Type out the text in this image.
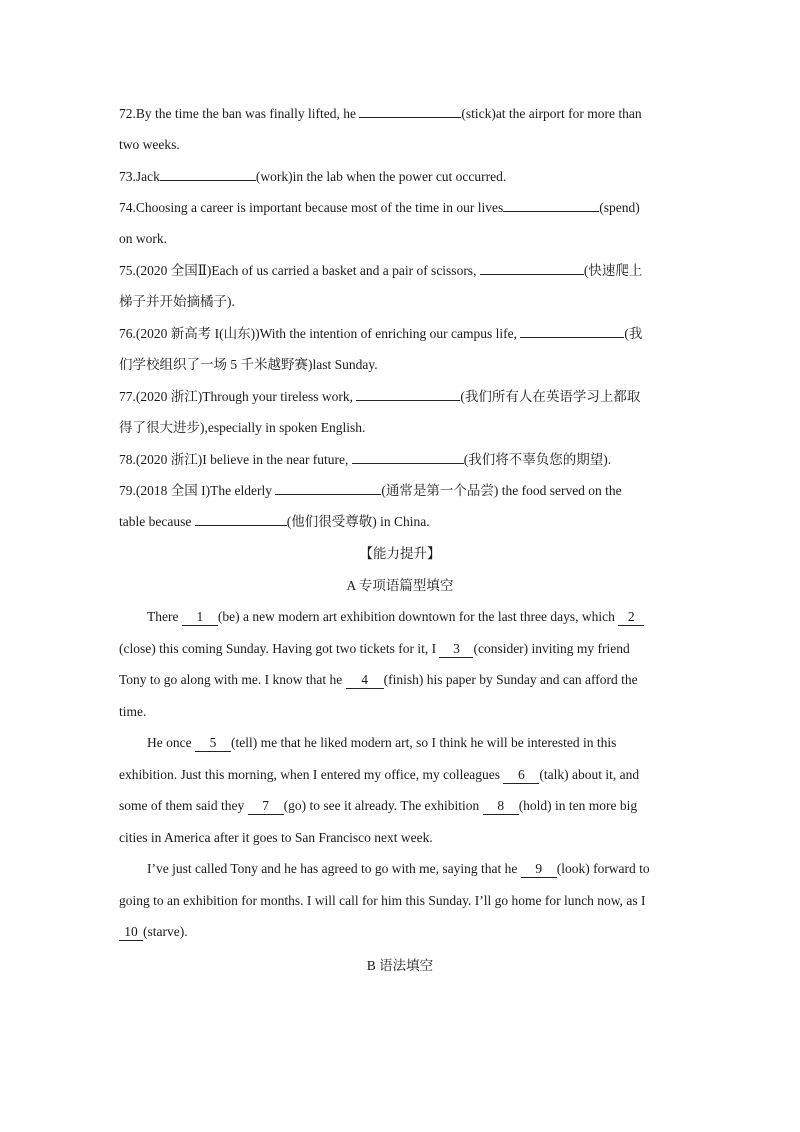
72.By the time the ban was finally lifted, he	(stick)at the airport for more than
two weeks.
73.Jack	(work)in the lab when the power cut occurred.
74.Choosing a career is important because most of the time in our lives	(spend)
on work.
75.(2020 全国Ⅱ)Each of us carried a basket and a pair of scissors,	(快速爬上
梯子并开始摘橘子).
76.(2020 新高考 I(山东))With the intention of enriching our campus life,	(我
们学校组织了一场 5 千米越野赛)last Sunday.
77.(2020 浙江)Through your tireless work,	(我们所有人在英语学习上都取
得了很大进步),especially in spoken English.
78.(2020 浙江)I believe in the near future,	(我们将不辜负您的期望).
79.(2018 全国 I)The elderly	(通常是第一个品尝) the food served on the
table because	(他们很受尊敬) in China.
【能力提升】
A 专项语篇型填空
There 1 (be) a new modern art exhibition downtown for the last three days, which 2
(close) this coming Sunday. Having got two tickets for it, I 3 (consider) inviting my friend
Tony to go along with me. I know that he 4 (finish) his paper by Sunday and can afford the
time.
He once 5 (tell) me that he liked modern art, so I think he will be interested in this
exhibition. Just this morning, when I entered my office, my colleagues 6 (talk) about it, and
some of them said they 7 (go) to see it already. The exhibition 8 (hold) in ten more big
cities in America after it goes to San Francisco next week.
I’ve just called Tony and he has agreed to go with me, saying that he 9 (look) forward to
going to an exhibition for months. I will call for him this Sunday. I’ll go home for lunch now, as I
10 (starve).
B 语法填空
